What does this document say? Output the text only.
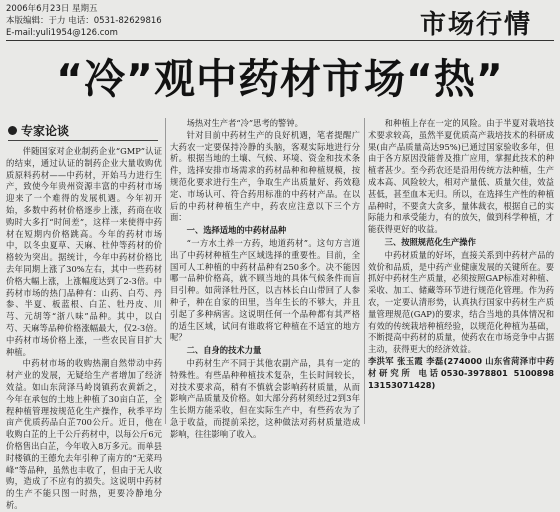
2006年6月23日 星期五
本版编辑：于力 电话：0531-82629816
E-mail:yuli1954@126.com	市场行情
“冷”观中药材市场“热”
专家论谈

伴随国家对企业制药企业“GMP”认证的结束，通过认证的制药企业大量收购优质原料药材——中药材，开始马力进行生产，致使今年贵州资源丰富的中药材市场迎来了一个难得的发展机遇。今年初开始，多数中药材价格逐步上涨，药商在收购时大多打“时间差”，这样一来使得中药材在短期内价格跳高。今年的药材市场中，以冬虫夏草、天麻、杜仲等药材的价格较为突出。据统计，今年中药材价格比去年同期上涨了30%左右，其中一些药材价格大幅上涨，上涨幅度达到了2-3倍。中药材市场的热门品种有：山药、白芍、丹参、半夏、板蓝根、白芷、牡丹皮、川芎、元胡等“浙八味”品种。其中，以白芍、天麻等品种价格涨幅最大，仅2-3倍。中药材市场价格上涨，一些农民盲目扩大种植。

中药材市场的收购热潮自然带动中药材产业的发展，无疑给生产者增加了经济效益。如山东菏泽马岭岗镇药农黄新之，今年在承包的土地上种植了30亩白芷，全程种植管理按规范化生产操作，秋季平均亩产优质药品白芷700公斤。近日，他在收购白芷的上千公斤药材中，以每公斤6元价格售出白芷，今年收入8万多元。而单县时楼镇的王德允去年引种了南方的“无菜玛峰”等品种，虽然也丰收了，但由于无人收购，造成了不应有的损失。这说明中药材的生产不能只图一时热，更要冷静地分析。

场热对生产者“冷”思考的警钟。

针对目前中药材生产的良好机遇，笔者提醒广大药农一定要保持冷静的头脑，客观实际地进行分析。根据当地的土壤、气候、环境、资金和技术条件，选择安排市场需求的药材品种和种植规模，按规范化要求进行生产，争取生产出质量好、药效稳定、市场认可、符合药用标准的中药材产品。在以后的中药材种植生产中，药农应注意以下三个方面：

一、选择适地的中药材品种

“一方水土养一方药，地道药材”。这句方言道出了中药材种植生产区域选择的重要性。目前，全国可人工种植的中药材品种有250多个。决不能因哪一品种价格高，就不顾当地的具体气候条件而盲目引种。如菏泽牡丹区，以吉林长白山带回了人参种子，种在自家的田里，当年生长的不够大，并且引起了多种病害。这说明任何一个品种都有其严格的适生区域，试问有谁敢将它种植在不适宜的地方呢？

二、自身的技术力量

中药材生产不同于其他农副产品，具有一定的特殊性。有些品种种植技术复杂，生长时间较长，对技术要求高，稍有不慎就会影响药材质量，从而影响产品质量及价格。如大部分药材须经过2到3年生长期方能采收，但在实际生产中，有些药农为了急于收益，而提前采挖，这种做法对药材质量造成影响，往往影响了收入。

和种植上存在一定的风险。由于半夏对栽培技术要求较高，虽然半夏优质高产栽培技术的科研成果(由产品质量高达95%)已通过国家验收多年，但由于各方原因没能普及推广应用，掌握此技术的种植者甚少。至今药农还是沿用传统方法种植，生产成本高、风险较大，相对产量低、质量欠佳，效益甚低，甚至血本无归。所以，在选择生产性的种植品种时，不要贪大贪多，量体裁衣，根据自己的实际能力和承受能力，有的放矢，做到科学种植，才能获得更好的收益。

三、按照规范化生产操作

中药材质量的好坏，直接关系到中药材产品的效价和品质，是中药产业健康发展的关键所在。要抓好中药材生产质量，必须按照GAP标准对种植、采收、加工、储藏等环节进行规范化管理。作为药农，一定要认清形势，认真执行国家中药材生产质量管理规范(GAP)的要求，结合当地的具体情况和有效的传统栽培种植经验，以规范化种植为基础，不断提高中药材的质量，使药农在市场竞争中占据主动，获得更大的经济效益。

李洪军 张玉霞 李磊(274000 山东省菏泽市中药材研究所 电话0530-3978801 5100898 13153071428)
